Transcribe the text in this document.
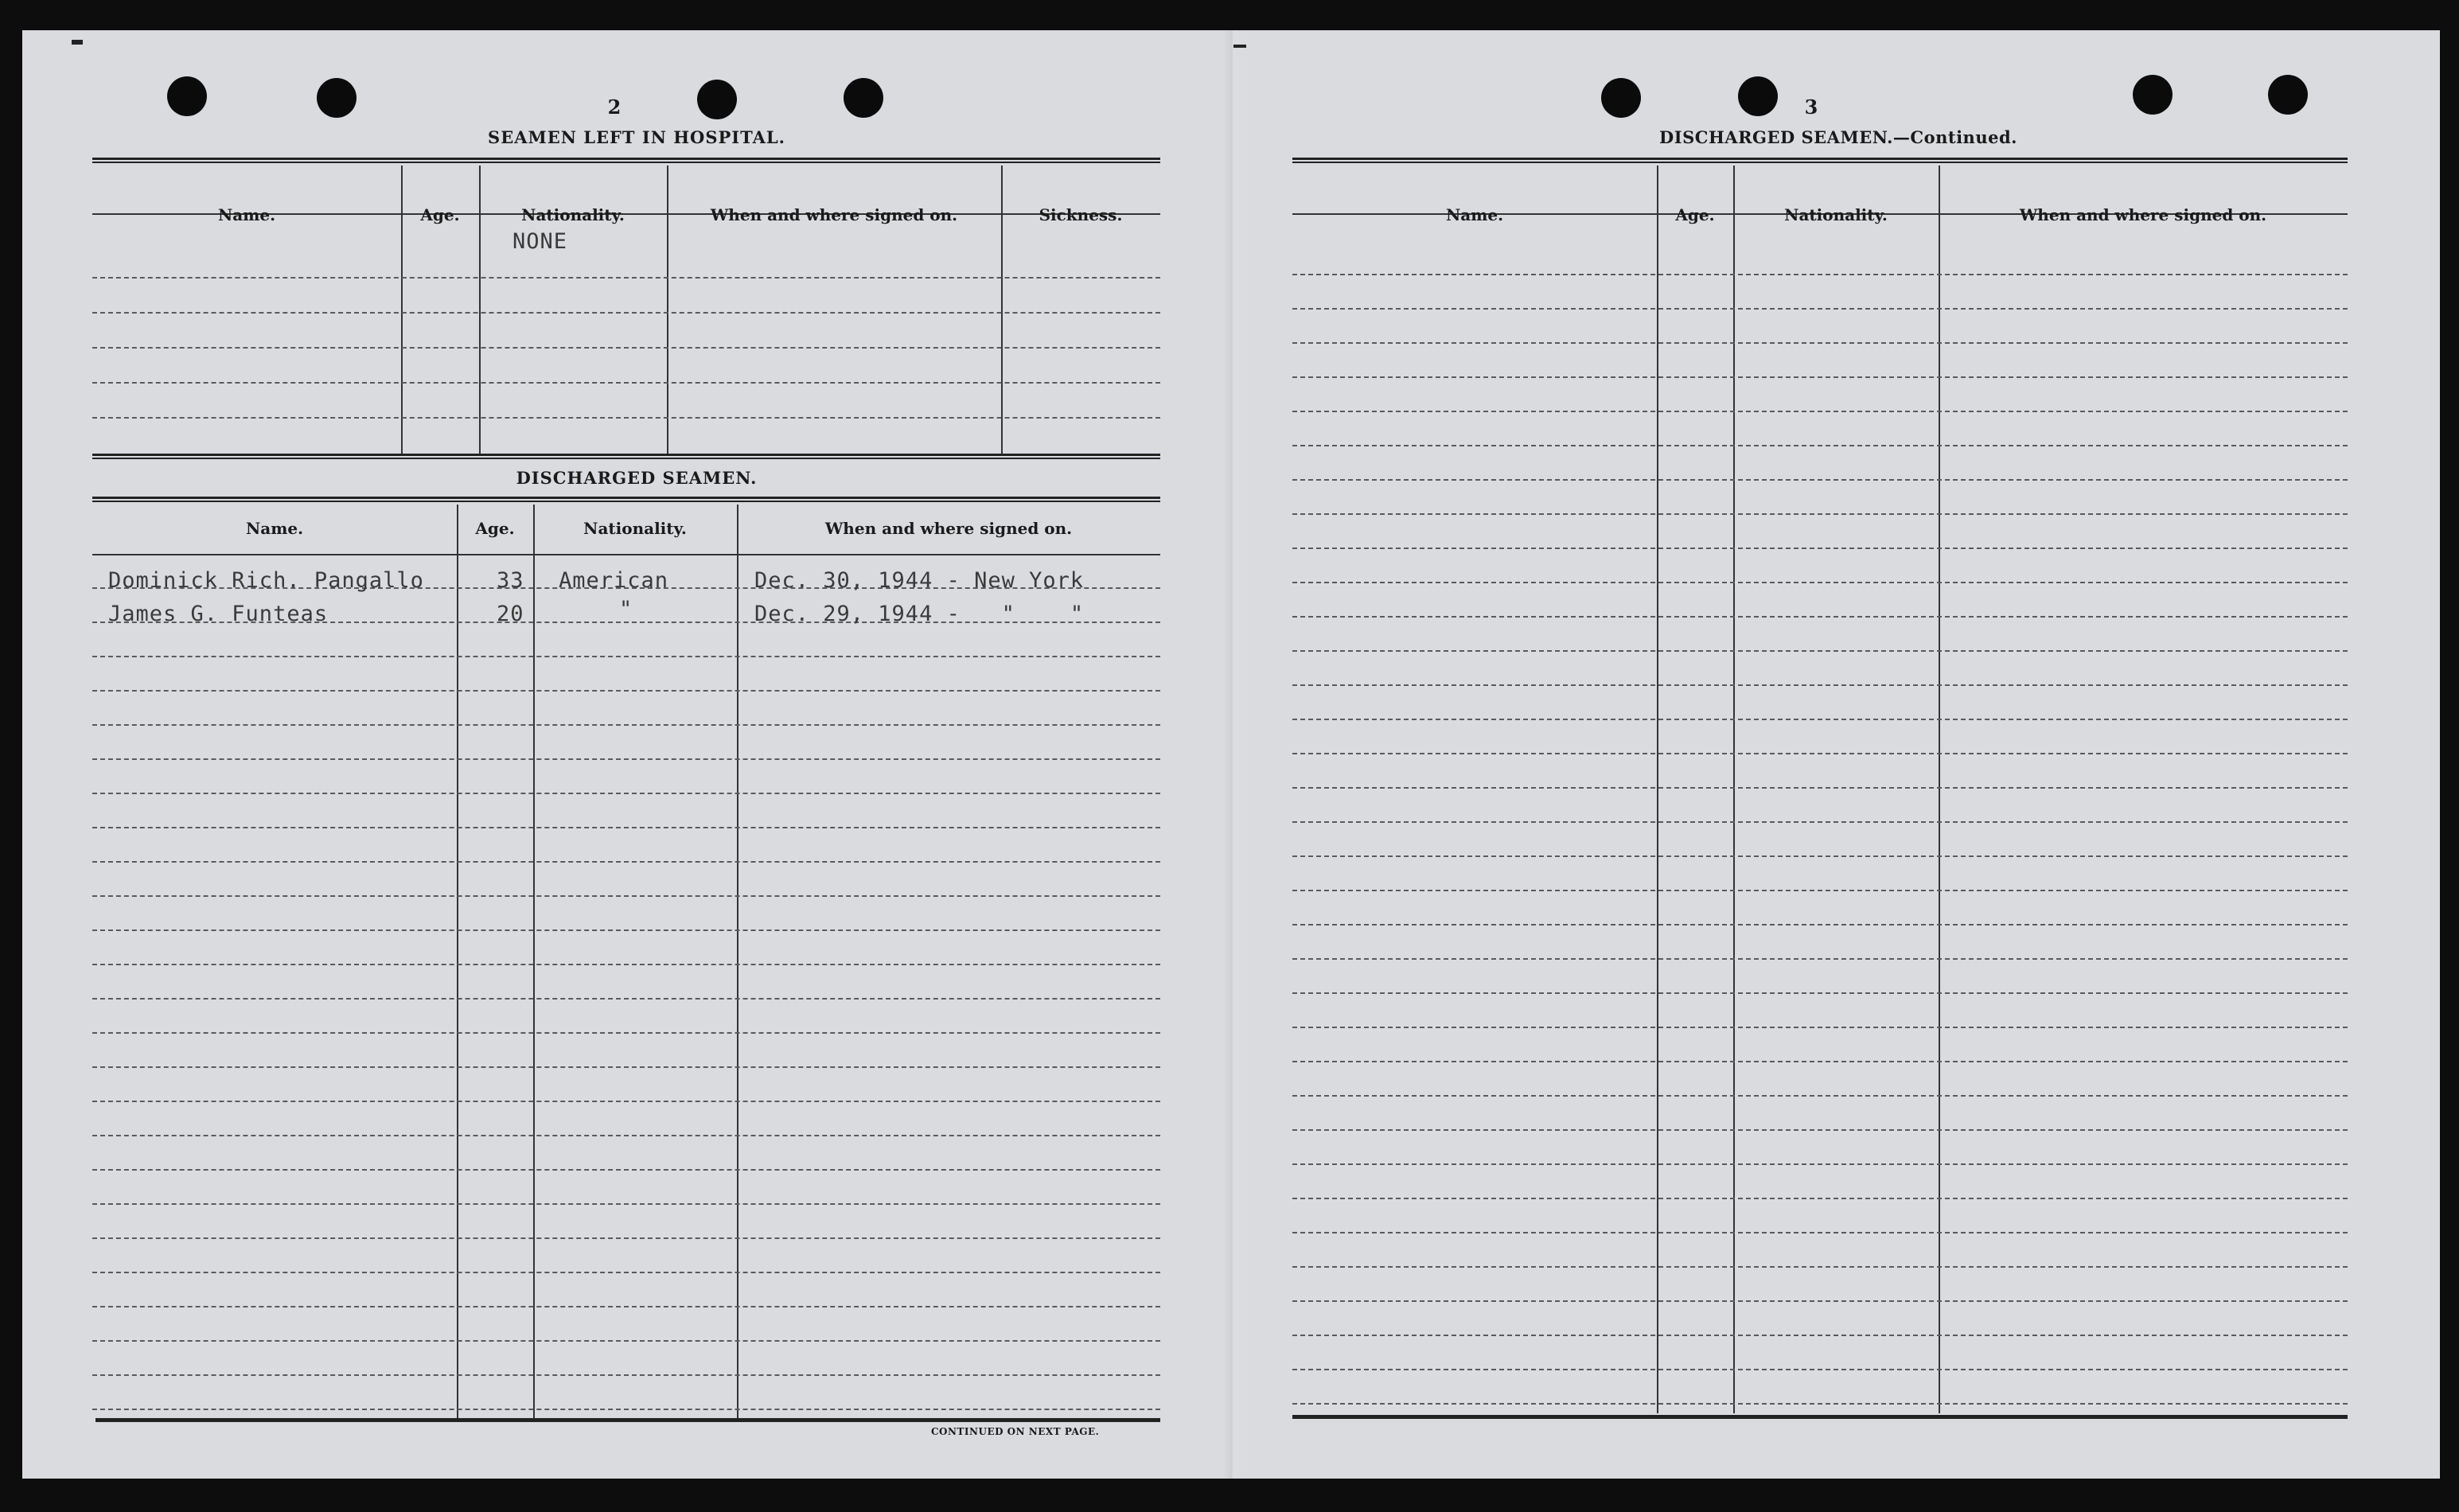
2
SEAMEN LEFT IN HOSPITAL.
Name.	Age.	Nationality.	When and where signed on.	Sickness.
NONE
DISCHARGED SEAMEN.
Name.	Age.	Nationality.	When and where signed on.
Dominick Rich. Pangallo	33 American	Dec. 30, 1944 - New York
James G. Funteas	20	"	Dec. 29, 1944 -   "    "
CONTINUED ON NEXT PAGE.
3
DISCHARGED SEAMEN.—Continued.
Name.	Age.	Nationality.	When and where signed on.
